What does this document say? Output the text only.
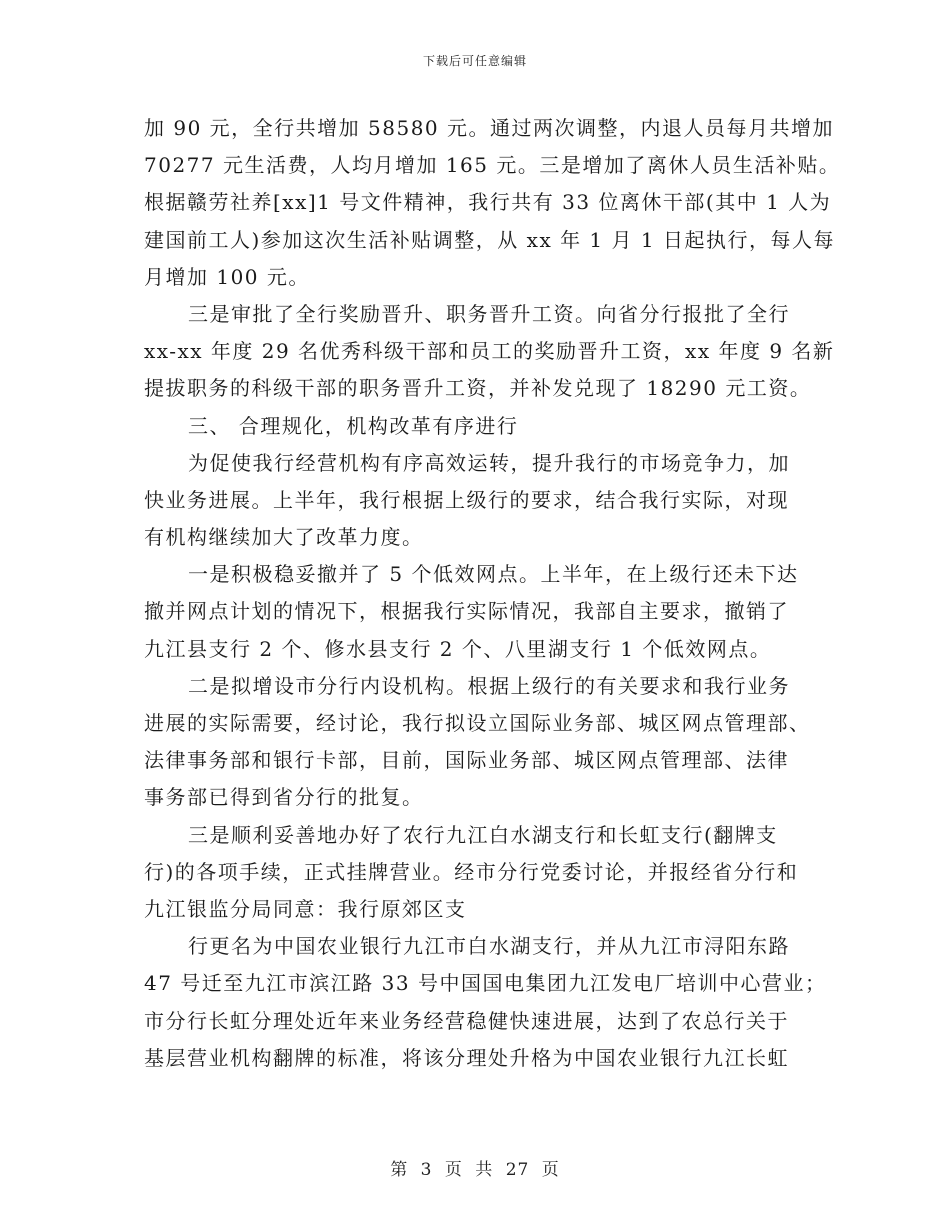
下载后可任意编辑
加 90 元，全行共增加 58580 元。通过两次调整，内退人员每月共增加
70277 元生活费，人均月增加 165 元。三是增加了离休人员生活补贴。
根据赣劳社养[xx]1 号文件精神，我行共有 33 位离休干部(其中 1 人为
建国前工人)参加这次生活补贴调整，从 xx 年 1 月 1 日起执行，每人每
月增加 100 元。
三是审批了全行奖励晋升、职务晋升工资。向省分行报批了全行
xx-xx 年度 29 名优秀科级干部和员工的奖励晋升工资，xx 年度 9 名新
提拔职务的科级干部的职务晋升工资，并补发兑现了 18290 元工资。
三、 合理规化，机构改革有序进行
为促使我行经营机构有序高效运转，提升我行的市场竞争力，加
快业务进展。上半年，我行根据上级行的要求，结合我行实际，对现
有机构继续加大了改革力度。
一是积极稳妥撤并了 5 个低效网点。上半年，在上级行还未下达
撤并网点计划的情况下，根据我行实际情况，我部自主要求，撤销了
九江县支行 2 个、修水县支行 2 个、八里湖支行 1 个低效网点。
二是拟增设市分行内设机构。根据上级行的有关要求和我行业务
进展的实际需要，经讨论，我行拟设立国际业务部、城区网点管理部、
法律事务部和银行卡部，目前，国际业务部、城区网点管理部、法律
事务部已得到省分行的批复。
三是顺利妥善地办好了农行九江白水湖支行和长虹支行(翻牌支
行)的各项手续，正式挂牌营业。经市分行党委讨论，并报经省分行和
九江银监分局同意：我行原郊区支
行更名为中国农业银行九江市白水湖支行，并从九江市浔阳东路
47 号迁至九江市滨江路 33 号中国国电集团九江发电厂培训中心营业；
市分行长虹分理处近年来业务经营稳健快速进展，达到了农总行关于
基层营业机构翻牌的标准，将该分理处升格为中国农业银行九江长虹
第 3 页 共 27 页
